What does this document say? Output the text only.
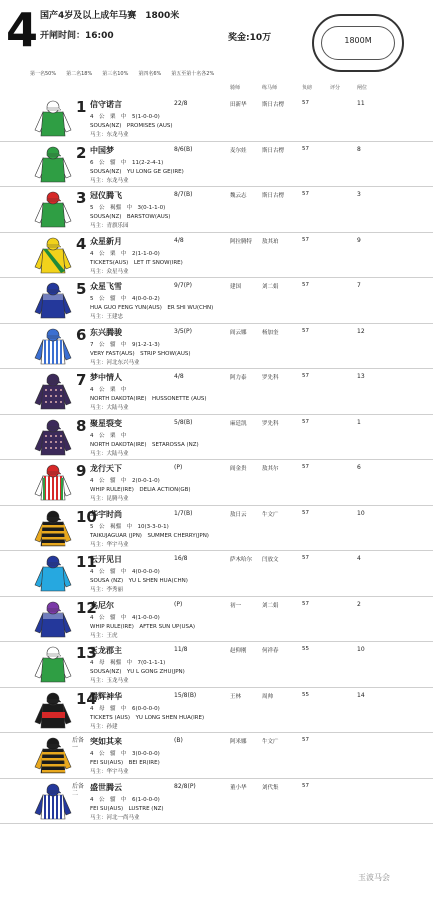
4 国产4岁及以上成年马赛　1800米
开闸时间：16:00	奖金:10万	1800M
第一名50%　　第二名18%　　第三名10%　　第四名6%　　第五至第十名各2%
骑师	练马师	负磅	评分	闸位
1 信守诺言	22/8
4　公　栗　中　5(1-0-0-0)
SOUSA(NZ)　PROMISES (AUS)
马主：东龙马业
田新华	斯日古楞	57	11
2 中国梦	8/6(B)
6　公　骝　中　11(2-2-4-1)
SOUSA(NZ)　YU LONG GE GE(IRE)
马主：东龙马业
麦尔娃	斯日古楞	57	8
3 冠仪腾飞	8/7(B)
5　公　褐骝　中　3(0-1-1-0)
SOUSA(NZ)　BARSTOW(AUS)
马主：青旗乐园
魏云志	斯日古楞	57	3
4 众星新月	4/8
4　公　栗　中　2(1-1-0-0)
TICKETS(AUS)　LET IT SNOW(IRE)
马主：众星马业
阿拉腾特 敖其珀	57	9
5 众星飞雪	9/7(P)
5　公　骝　中　4(0-0-0-2)
HUA GUO FENG YUN(AUS)　ER SHI WU(CHN)
马主：王建忠
建国	刘二娟	57	7
6 东兴腾骏	3/5(P)
7　公　骝　中　9(1-2-1-3)
VERY FAST(AUS)　STRIP SHOW(AUS)
马主：河北东兴马业
阎云娜	杨加奎	57	12
7 梦中情人	4/8
4　公　栗　中
NORTH DAKOTA(IRE)　HUSSONETTE (AUS)
马主：大陆马业
阿力泰	罗先科	57	13
8 聚星裂变	5/8(B)
4　公　栗　中
NORTH DAKOTA(IRE)　SETAROSSA (NZ)
马主：大陆马业
麻廷凯	罗先科	57	1
9 龙行天下	(P)
4　公　骝　中　2(0-0-1-0)
WHIP RULE(IRE)　DELIA ACTION(GB)
马主：昆腾马业
阎金贵	敖其尔	57	6
10
华宇时尚	1/7(B)
5　公　褐骝　中　10(3-3-0-1)
TAIKUJAGUAR (JPN)　SUMMER CHERRY(JPN)
马主：华宇马业
敖日云	牛文广	57	10
11
云开见日	16/8
4　公　骝　中　4(0-0-0-0)
SOUSA (NZ)　YU L SHEN HUA(CHN)
马主：李秀丽
萨木哈尔 闫放文	57	4
12
乌尼尔	(P)
4　公　骝　中　4(1-0-0-0)
WHIP RULE(IRE)　AFTER SUN UP(USA)
马主：王虎
初一	刘二娟	57	2
13
玉龙郡主	11/8
4　母　褐骝　中　7(0-1-1-1)
SOUSA(NZ)　YU L GONG ZHU(JPN)
马主：玉龙马业
赵仰刚	何祥春	55	10
14
腾辉神华	15/8(B)
4　母　骝　中　6(0-0-0-0)
TICKETS (AUS)　YU LONG SHEN HUA(IRE)
马主：孙建
王林	周帅	55	14
后备一
突如其来	(B)
4　公　骝　中　3(0-0-0-0)
FEI SU(AUS)　BEI ER(IRE)
马主：华宇马业
阿米娜	牛文广	57
后备二
盛世腾云	82/8(P)
4　公　骝　中　6(1-0-0-0)
FEI SU(AUS)　LUSTRE (NZ)
马主：河北一尚马业
董小华	刘代集	57
玉波马会
